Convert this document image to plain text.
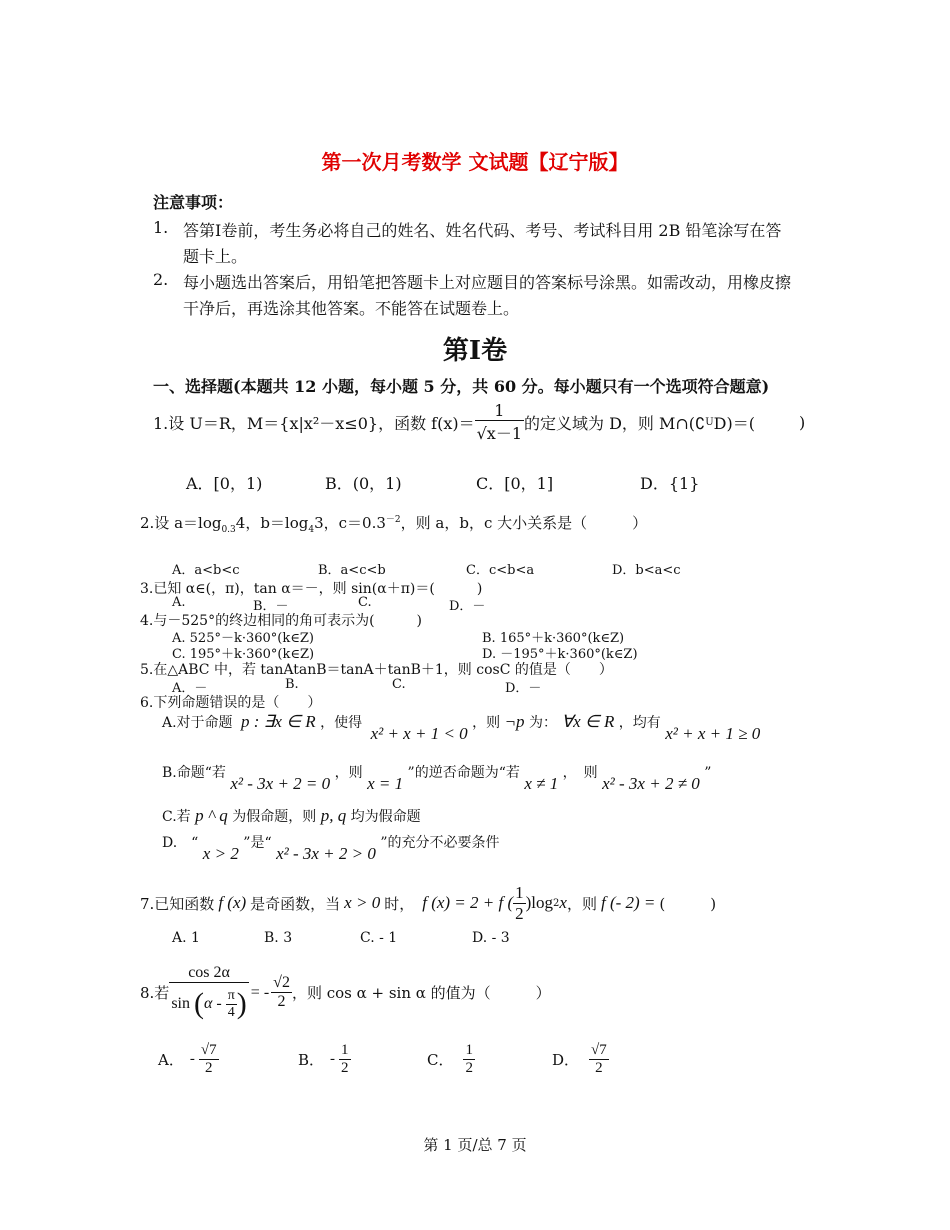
第一次月考数学 文试题【辽宁版】
注意事项：
1. 答第Ⅰ卷前，考生务必将自己的姓名、姓名代码、考号、考试科目用 2B 铅笔涂写在答
题卡上。
2. 每小题选出答案后，用铅笔把答题卡上对应题目的答案标号涂黑。如需改动，用橡皮擦
干净后，再选涂其他答案。不能答在试题卷上。
第Ⅰ卷
一、选择题(本题共 12 小题，每小题 5 分，共 60 分。每小题只有一个选项符合题意)
1.设 U＝R，M＝{x|x²－x≤0}，函数 $f(x)= \frac{1}{√x-1}$ 的定义域为 D，则 M∩(∁ U D)＝(	)
A．[0，1)	B．(0，1)	C．[0，1]	D．{1}
2.设 $a=\log_{0.3}4$，$b=\log_43$，$c=0.3^{-2}$，则 a，b，c 大小关系是（　　　）
A．a<b<c	B．a<c<b	C．c<b<a	D．b<a<c
3.已知 α∈(，π)，tan α＝－，则 sin(α＋π)＝(　　　)
A.	B．－	C.	D．－
4.与－525°的终边相同的角可表示为(　　　)
A. 525°－k·360°(k∈Z)	B. 165°＋k·360°(k∈Z)
C. 195°＋k·360°(k∈Z)	D. －195°＋k·360°(k∈Z)
5.在△ABC 中，若 tanAtanB＝tanA＋tanB＋1，则 cosC 的值是（　　）
A．－	B.	C.	D．－
6.下列命题错误的是（　　）
A.对于命题 p : ∃x ∈ R ，使得 x² + x + 1 < 0 ，则 ¬p 为： ∀x ∈ R ，均有 x² + x + 1 ≥ 0
B.命题“若 x² - 3x + 2 = 0 ，则 x = 1 ”的逆否命题为“若 x ≠ 1 ，　则 x² - 3x + 2 ≠ 0 ”
C.若 p ^ q 为假命题，则 p, q 均为假命题
D.　“ x > 2 ”是“ x² - 3x + 2 > 0 ”的充分不必要条件
7.已知函数 f (x) 是奇函数，当 x > 0 时， f (x) = 2 + f ( $\frac{1}{2} )\log$ 2 x ，则 f (- 2) = (　　　)
A. 1	B. 3	C. - 1	D. - 3
8.若
cos 2α
sin ( α - $\frac{\pi}{4}$ ) = - $\frac{√2}{2}$ ，则 cos α + sin α 的值为（　　　）
A． - $\frac{√7}{2}$	B． - $\frac{1}{2}$	C． $\frac{1}{2}$	D． $\frac{√7}{2}$
第 1 页/总 7 页
